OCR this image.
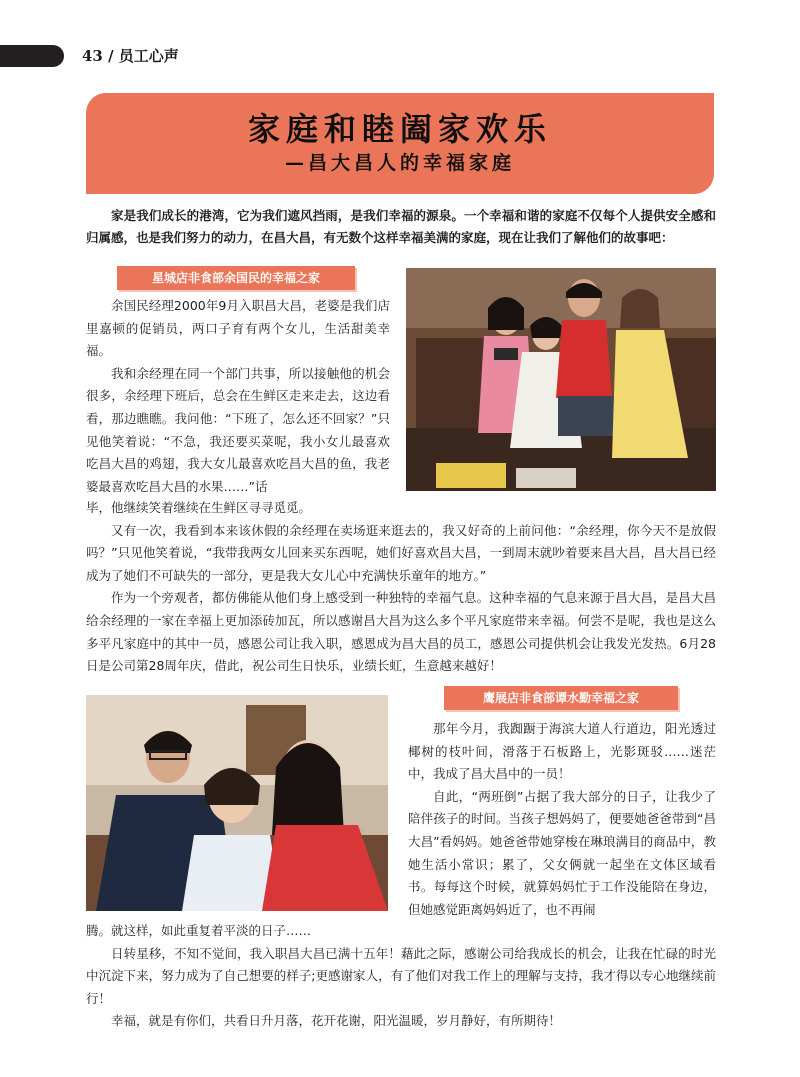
43 / 员工心声
家庭和睦阖家欢乐
—昌大昌人的幸福家庭

家是我们成长的港湾，它为我们遮风挡雨，是我们幸福的源泉。一个幸福和谐的家庭不仅每个人提供安全感和归属感，也是我们努力的动力，在昌大昌，有无数个这样幸福美满的家庭，现在让我们了解他们的故事吧：

星城店非食部余国民的幸福之家

余国民经理2000年9月入职昌大昌，老婆是我们店里嘉顿的促销员，两口子育有两个女儿，生活甜美幸福。

我和余经理在同一个部门共事，所以接触他的机会很多，余经理下班后，总会在生鲜区走来走去，这边看看，那边瞧瞧。我问他：“下班了，怎么还不回家？”只见他笑着说：“不急，我还要买菜呢，我小女儿最喜欢吃昌大昌的鸡翅，我大女儿最喜欢吃昌大昌的鱼，我老婆最喜欢吃昌大昌的水果……”话

毕，他继续笑着继续在生鲜区寻寻觅觅。

又有一次，我看到本来该休假的余经理在卖场逛来逛去的，我又好奇的上前问他：“余经理，你今天不是放假吗？”只见他笑着说，“我带我两女儿回来买东西呢，她们好喜欢昌大昌，一到周末就吵着要来昌大昌，昌大昌已经成为了她们不可缺失的一部分，更是我大女儿心中充满快乐童年的地方。”

作为一个旁观者，都仿佛能从他们身上感受到一种独特的幸福气息。这种幸福的气息来源于昌大昌，是昌大昌给余经理的一家在幸福上更加添砖加瓦，所以感谢昌大昌为这么多个平凡家庭带来幸福。何尝不是呢，我也是这么多平凡家庭中的其中一员，感恩公司让我入职，感恩成为昌大昌的员工，感恩公司提供机会让我发光发热。6月28日是公司第28周年庆，借此，祝公司生日快乐，业绩长虹，生意越来越好！

鹰展店非食部谭水勤幸福之家

那年今月，我踟蹰于海滨大道人行道边，阳光透过椰树的枝叶间，滑落于石板路上，光影斑驳……迷茫中，我成了昌大昌中的一员！

自此，“两班倒”占据了我大部分的日子，让我少了陪伴孩子的时间。当孩子想妈妈了，便要她爸爸带到“昌大昌”看妈妈。她爸爸带她穿梭在琳琅满目的商品中，教她生活小常识；累了，父女俩就一起坐在文体区域看书。每每这个时候，就算妈妈忙于工作没能陪在身边，但她感觉距离妈妈近了，也不再闹

腾。就这样，如此重复着平淡的日子……

日转星移，不知不觉间，我入职昌大昌已满十五年！藉此之际，感谢公司给我成长的机会，让我在忙碌的时光中沉淀下来，努力成为了自己想要的样子;更感谢家人，有了他们对我工作上的理解与支持，我才得以专心地继续前行！

幸福，就是有你们，共看日升月落，花开花谢，阳光温暖，岁月静好，有所期待！
